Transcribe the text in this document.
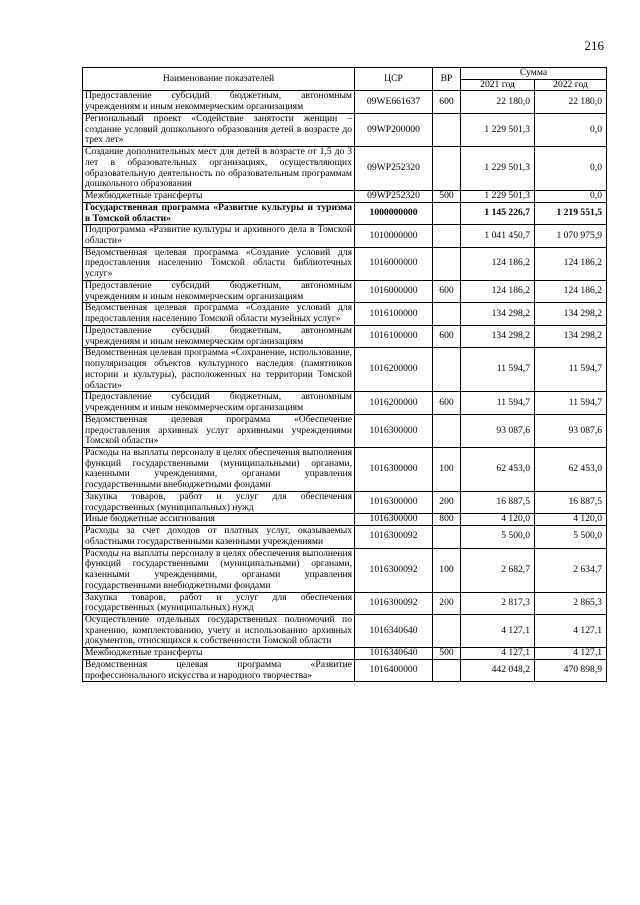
216
Наименование показателей	ЦСР	ВР	Сумма	
			2021 год	2022 год
Предоставление субсидий бюджетным, автономным учреждениям и иным некоммерческим организациям	09WE661637	600	22 180,0	22 180,0
Региональный проект «Содействие занятости женщин – создание условий дошкольного образования детей в возрасте до трех лет»	09WP200000		1 229 501,3	0,0
Создание дополнительных мест для детей в возрасте от 1,5 до 3 лет в образовательных организациях, осуществляющих образовательную деятельность по образовательным программам дошкольного образования	09WP252320		1 229 501,3	0,0
Межбюджетные трансферты	09WP252320	500	1 229 501,3	0,0
Государственная программа «Развитие культуры и туризма в Томской области»	1000000000		1 145 226,7	1 219 551,5
Подпрограмма «Развитие культуры и архивного дела в Томской области»	1010000000		1 041 450,7	1 070 975,9
Ведомственная целевая программа «Создание условий для предоставления населению Томской области библиотечных услуг»	1016000000		124 186,2	124 186,2
Предоставление субсидий бюджетным, автономным учреждениям и иным некоммерческим организациям	1016000000	600	124 186,2	124 186,2
Ведомственная целевая программа «Создание условий для предоставления населению Томской области музейных услуг»	1016100000		134 298,2	134 298,2
Предоставление субсидий бюджетным, автономным учреждениям и иным некоммерческим организациям	1016100000	600	134 298,2	134 298,2
Ведомственная целевая программа «Сохранение, использование, популяризация объектов культурного наследия (памятников истории и культуры), расположенных на территории Томской области»	1016200000		11 594,7	11 594,7
Предоставление субсидий бюджетным, автономным учреждениям и иным некоммерческим организациям	1016200000	600	11 594,7	11 594,7
Ведомственная целевая программа «Обеспечение предоставления архивных услуг архивными учреждениями Томской области»	1016300000		93 087,6	93 087,6
Расходы на выплаты персоналу в целях обеспечения выполнения функций государственными (муниципальными) органами, казенными учреждениями, органами управления государственными внебюджетными фондами	1016300000	100	62 453,0	62 453,0
Закупка товаров, работ и услуг для обеспечения государственных (муниципальных) нужд	1016300000	200	16 887,5	16 887,5
Иные бюджетные ассигнования	1016300000	800	4 120,0	4 120,0
Расходы за счет доходов от платных услуг, оказываемых областными государственными казенными учреждениями	1016300092		5 500,0	5 500,0
Расходы на выплаты персоналу в целях обеспечения выполнения функций государственными (муниципальными) органами, казенными учреждениями, органами управления государственными внебюджетными фондами	1016300092	100	2 682,7	2 634,7
Закупка товаров, работ и услуг для обеспечения государственных (муниципальных) нужд	1016300092	200	2 817,3	2 865,3
Осуществление отдельных государственных полномочий по хранению, комплектованию, учету и использованию архивных документов, относящихся к собственности Томской области	1016340640		4 127,1	4 127,1
Межбюджетные трансферты	1016340640	500	4 127,1	4 127,1
Ведомственная целевая программа «Развитие профессионального искусства и народного творчества»	1016400000		442 048,2	470 898,9
